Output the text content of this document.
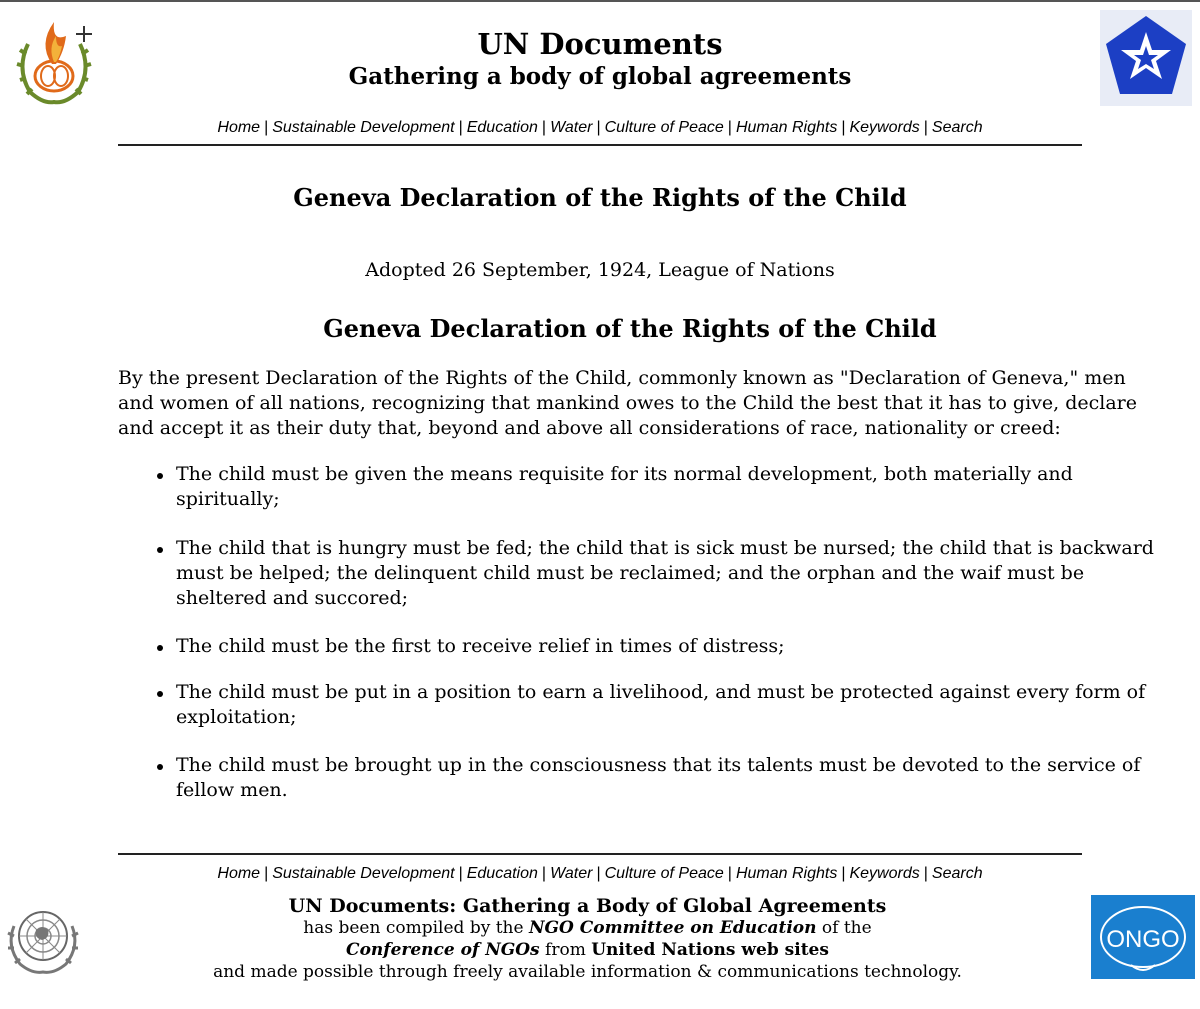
UN Documents
Gathering a body of global agreements
Home | Sustainable Development | Education | Water | Culture of Peace | Human Rights | Keywords | Search
Geneva Declaration of the Rights of the Child
Adopted 26 September, 1924, League of Nations
Geneva Declaration of the Rights of the Child

By the present Declaration of the Rights of the Child, commonly known as "Declaration of Geneva," men and women of all nations, recognizing that mankind owes to the Child the best that it has to give, declare and accept it as their duty that, beyond and above all considerations of race, nationality or creed:

The child must be given the means requisite for its normal development, both materially and spiritually;
The child that is hungry must be fed; the child that is sick must be nursed; the child that is backward must be helped; the delinquent child must be reclaimed; and the orphan and the waif must be sheltered and succored;
The child must be the first to receive relief in times of distress;
The child must be put in a position to earn a livelihood, and must be protected against every form of exploitation;
The child must be brought up in the consciousness that its talents must be devoted to the service of fellow men.
Home | Sustainable Development | Education | Water | Culture of Peace | Human Rights | Keywords | Search
UN Documents: Gathering a Body of Global Agreements
has been compiled by the NGO Committee on Education of the
Conference of NGOs from United Nations web sites
and made possible through freely available information & communications technology.
ONGO
